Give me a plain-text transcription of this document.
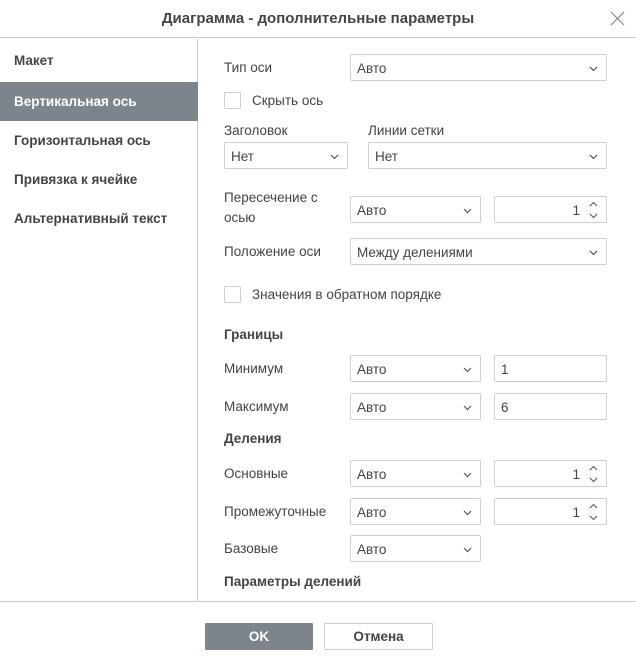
Диаграмма - дополнительные параметры
Макет
Вертикальная ось
Горизонтальная ось
Привязка к ячейке
Альтернативный текст
Тип оси	Авто
Скрыть ось
Заголовок	Линии сетки
Нет	Нет
Пересечение с
осью	Авто	1
Положение оси	Между делениями
Значения в обратном порядке
Границы
Минимум	Авто	1
Максимум	Авто	6
Деления
Основные	Авто	1
Промежуточные Авто	1
Базовые	Авто
Параметры делений
OK	Отмена
